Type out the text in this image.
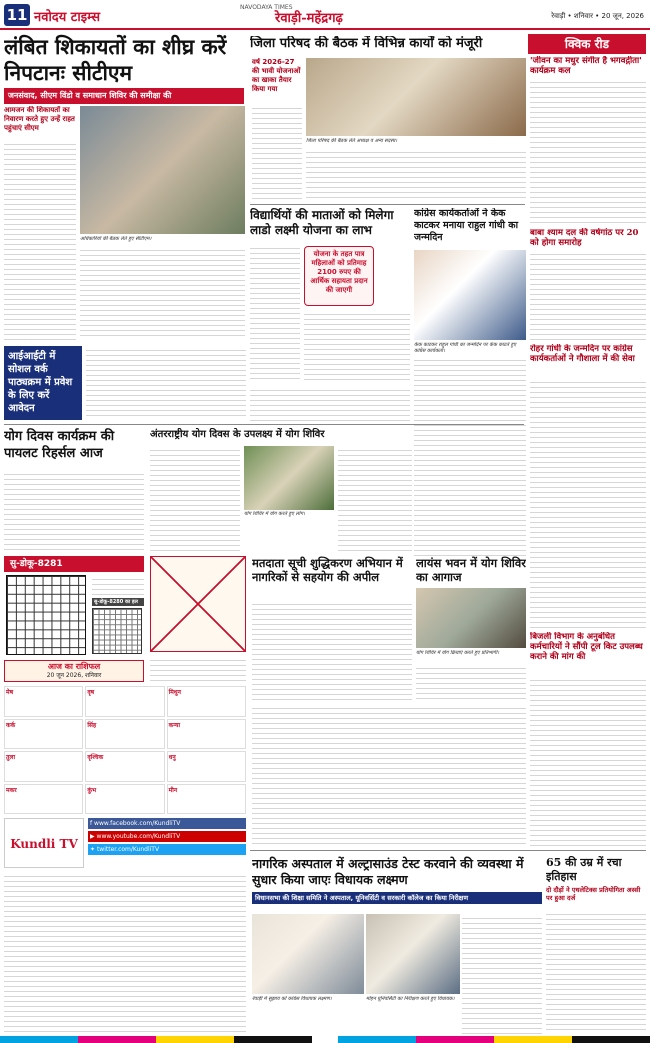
11 नवोदय टाइम्स
NAVODAYA TIMES
रेवाड़ी-महेंद्रगढ़	रेवाड़ी • शनिवार • 20 जून, 2026
लंबित शिकायतों का शीघ्र करें निपटानः सीटीएम
जनसंवाद, सीएम विंडो व समाधान शिविर की समीक्षा की
आमजन की शिकायतों का निवारण करते हुए उन्हें राहत पहुंचाएं सीएम
अधिकारियों की बैठक लेते हुए सीटीएम।
जिला परिषद की बैठक में विभिन्न कार्यों को मंजूरी
वर्ष 2026-27 की भावी योजनाओं का खाका तैयार किया गया
जिला परिषद की बैठक लेते अध्यक्ष व अन्य सदस्य।
क्विक रीड
'जीवन का मधुर संगीत है भगवद्गीता' कार्यक्रम कल
बाबा श्याम दल की वर्षगांठ पर 20 को होगा समारोह
रोहर गांधी के जन्मदिन पर कांग्रेस कार्यकर्ताओं ने गौशाला में की सेवा
बिजली विभाग के अनुबंधित कर्मचारियों ने सौंपी टूल किट उपलब्ध कराने की मांग की
विद्यार्थियों की माताओं को मिलेगा लाडो लक्ष्मी योजना का लाभ
योजना के तहत पात्र महिलाओं को प्रतिमाह 2100 रुपए की आर्थिक सहायता प्रदान की जाएगी
कांग्रेस कार्यकर्ताओं ने केक काटकर मनाया राहुल गांधी का जन्मदिन
केक काटकर राहुल गांधी का जन्मदिन पर केक काटते हुए कांग्रेस कार्यकर्ता।
आईआईटी में सोशल वर्क पाठ्यक्रम में प्रवेश के लिए करें आवेदन
योग दिवस कार्यक्रम की पायलट रिहर्सल आज
अंतरराष्ट्रीय योग दिवस के उपलक्ष्य में योग शिविर
योग शिविर में योग करते हुए लोग।
सु-डोकू-8281
सु-डोकू-8280 का हल
आज का राशिफल
20 जून 2026, शनिवार
मेष	वृष	मिथुन
कर्क	सिंह	कन्या
तुला	वृश्चिक	धनु
मकर	कुंभ	मीन
Kundli TV
f www.facebook.com/KundliTV
▶ www.youtube.com/KundliTV
✦ twitter.com/KundliTV
मतदाता सूची शुद्धिकरण अभियान में नागरिकों से सहयोग की अपील
लायंस भवन में योग शिविर का आगाज
योग शिविर में योग क्रियाएं करते हुए प्रतिभागी।
नागरिक अस्पताल में अल्ट्रासाउंड टेस्ट करवाने की व्यवस्था में सुधार किया जाएः विधायक लक्ष्मण
विधानसभा की शिक्षा समिति ने अस्पताल, यूनिवर्सिटी व सरकारी कॉलेज का किया निरीक्षण
रेवाड़ी में सुझाव को कांग्रेस विधायक लक्ष्मण।	मोहन यूनिवर्सिटी का निरीक्षण करते हुए विधायक।
65 की उम्र में रचा इतिहास
दो दौड़ों ने एथलेटिक्स प्रतियोगिता अस्सी पर हुआ दर्ज
